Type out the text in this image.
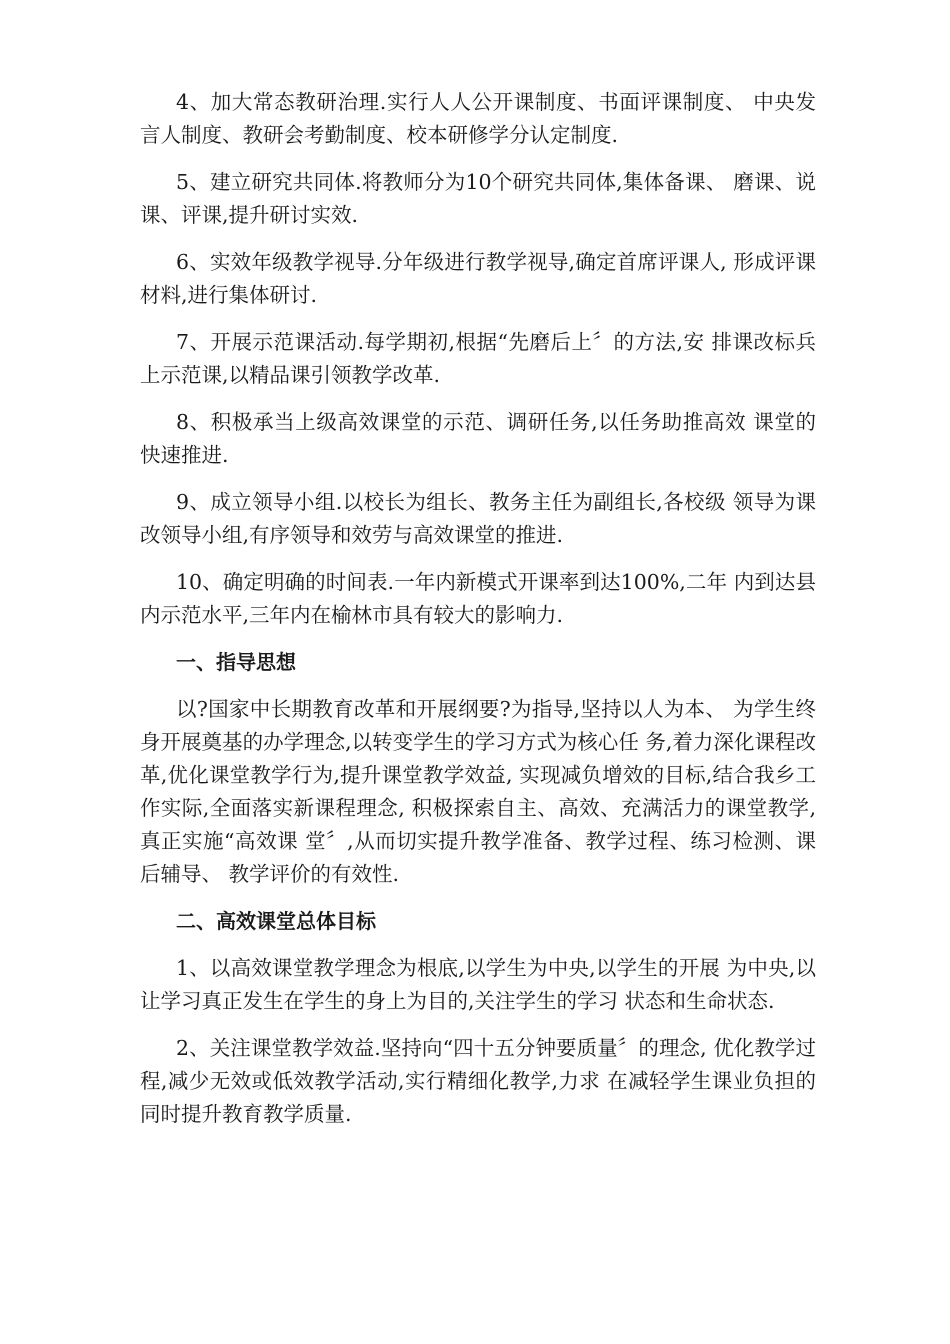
4、加大常态教研治理.实行人人公开课制度、书面评课制度、 中央发言人制度、教研会考勤制度、校本研修学分认定制度.

5、建立研究共同体.将教师分为10个研究共同体,集体备课、 磨课、说课、评课,提升研讨实效.

6、实效年级教学视导.分年级进行教学视导,确定首席评课人, 形成评课材料,进行集体研讨.

7、开展示范课活动.每学期初,根据“先磨后上〞的方法,安 排课改标兵上示范课,以精品课引领教学改革.

8、积极承当上级高效课堂的示范、调研任务,以任务助推高效 课堂的快速推进.

9、成立领导小组.以校长为组长、教务主任为副组长,各校级 领导为课改领导小组,有序领导和效劳与高效课堂的推进.

10、确定明确的时间表.一年内新模式开课率到达100%,二年 内到达县内示范水平,三年内在榆林市具有较大的影响力.

一、指导思想

以?国家中长期教育改革和开展纲要?为指导,坚持以人为本、 为学生终身开展奠基的办学理念,以转变学生的学习方式为核心任 务,着力深化课程改革,优化课堂教学行为,提升课堂教学效益, 实现减负增效的目标,结合我乡工作实际,全面落实新课程理念, 积极探索自主、高效、充满活力的课堂教学,真正实施“高效课 堂〞,从而切实提升教学准备、教学过程、练习检测、课后辅导、 教学评价的有效性.

二、高效课堂总体目标

1、以高效课堂教学理念为根底,以学生为中央,以学生的开展 为中央,以让学习真正发生在学生的身上为目的,关注学生的学习 状态和生命状态.

2、关注课堂教学效益.坚持向“四十五分钟要质量〞的理念, 优化教学过程,减少无效或低效教学活动,实行精细化教学,力求 在减轻学生课业负担的同时提升教育教学质量.
